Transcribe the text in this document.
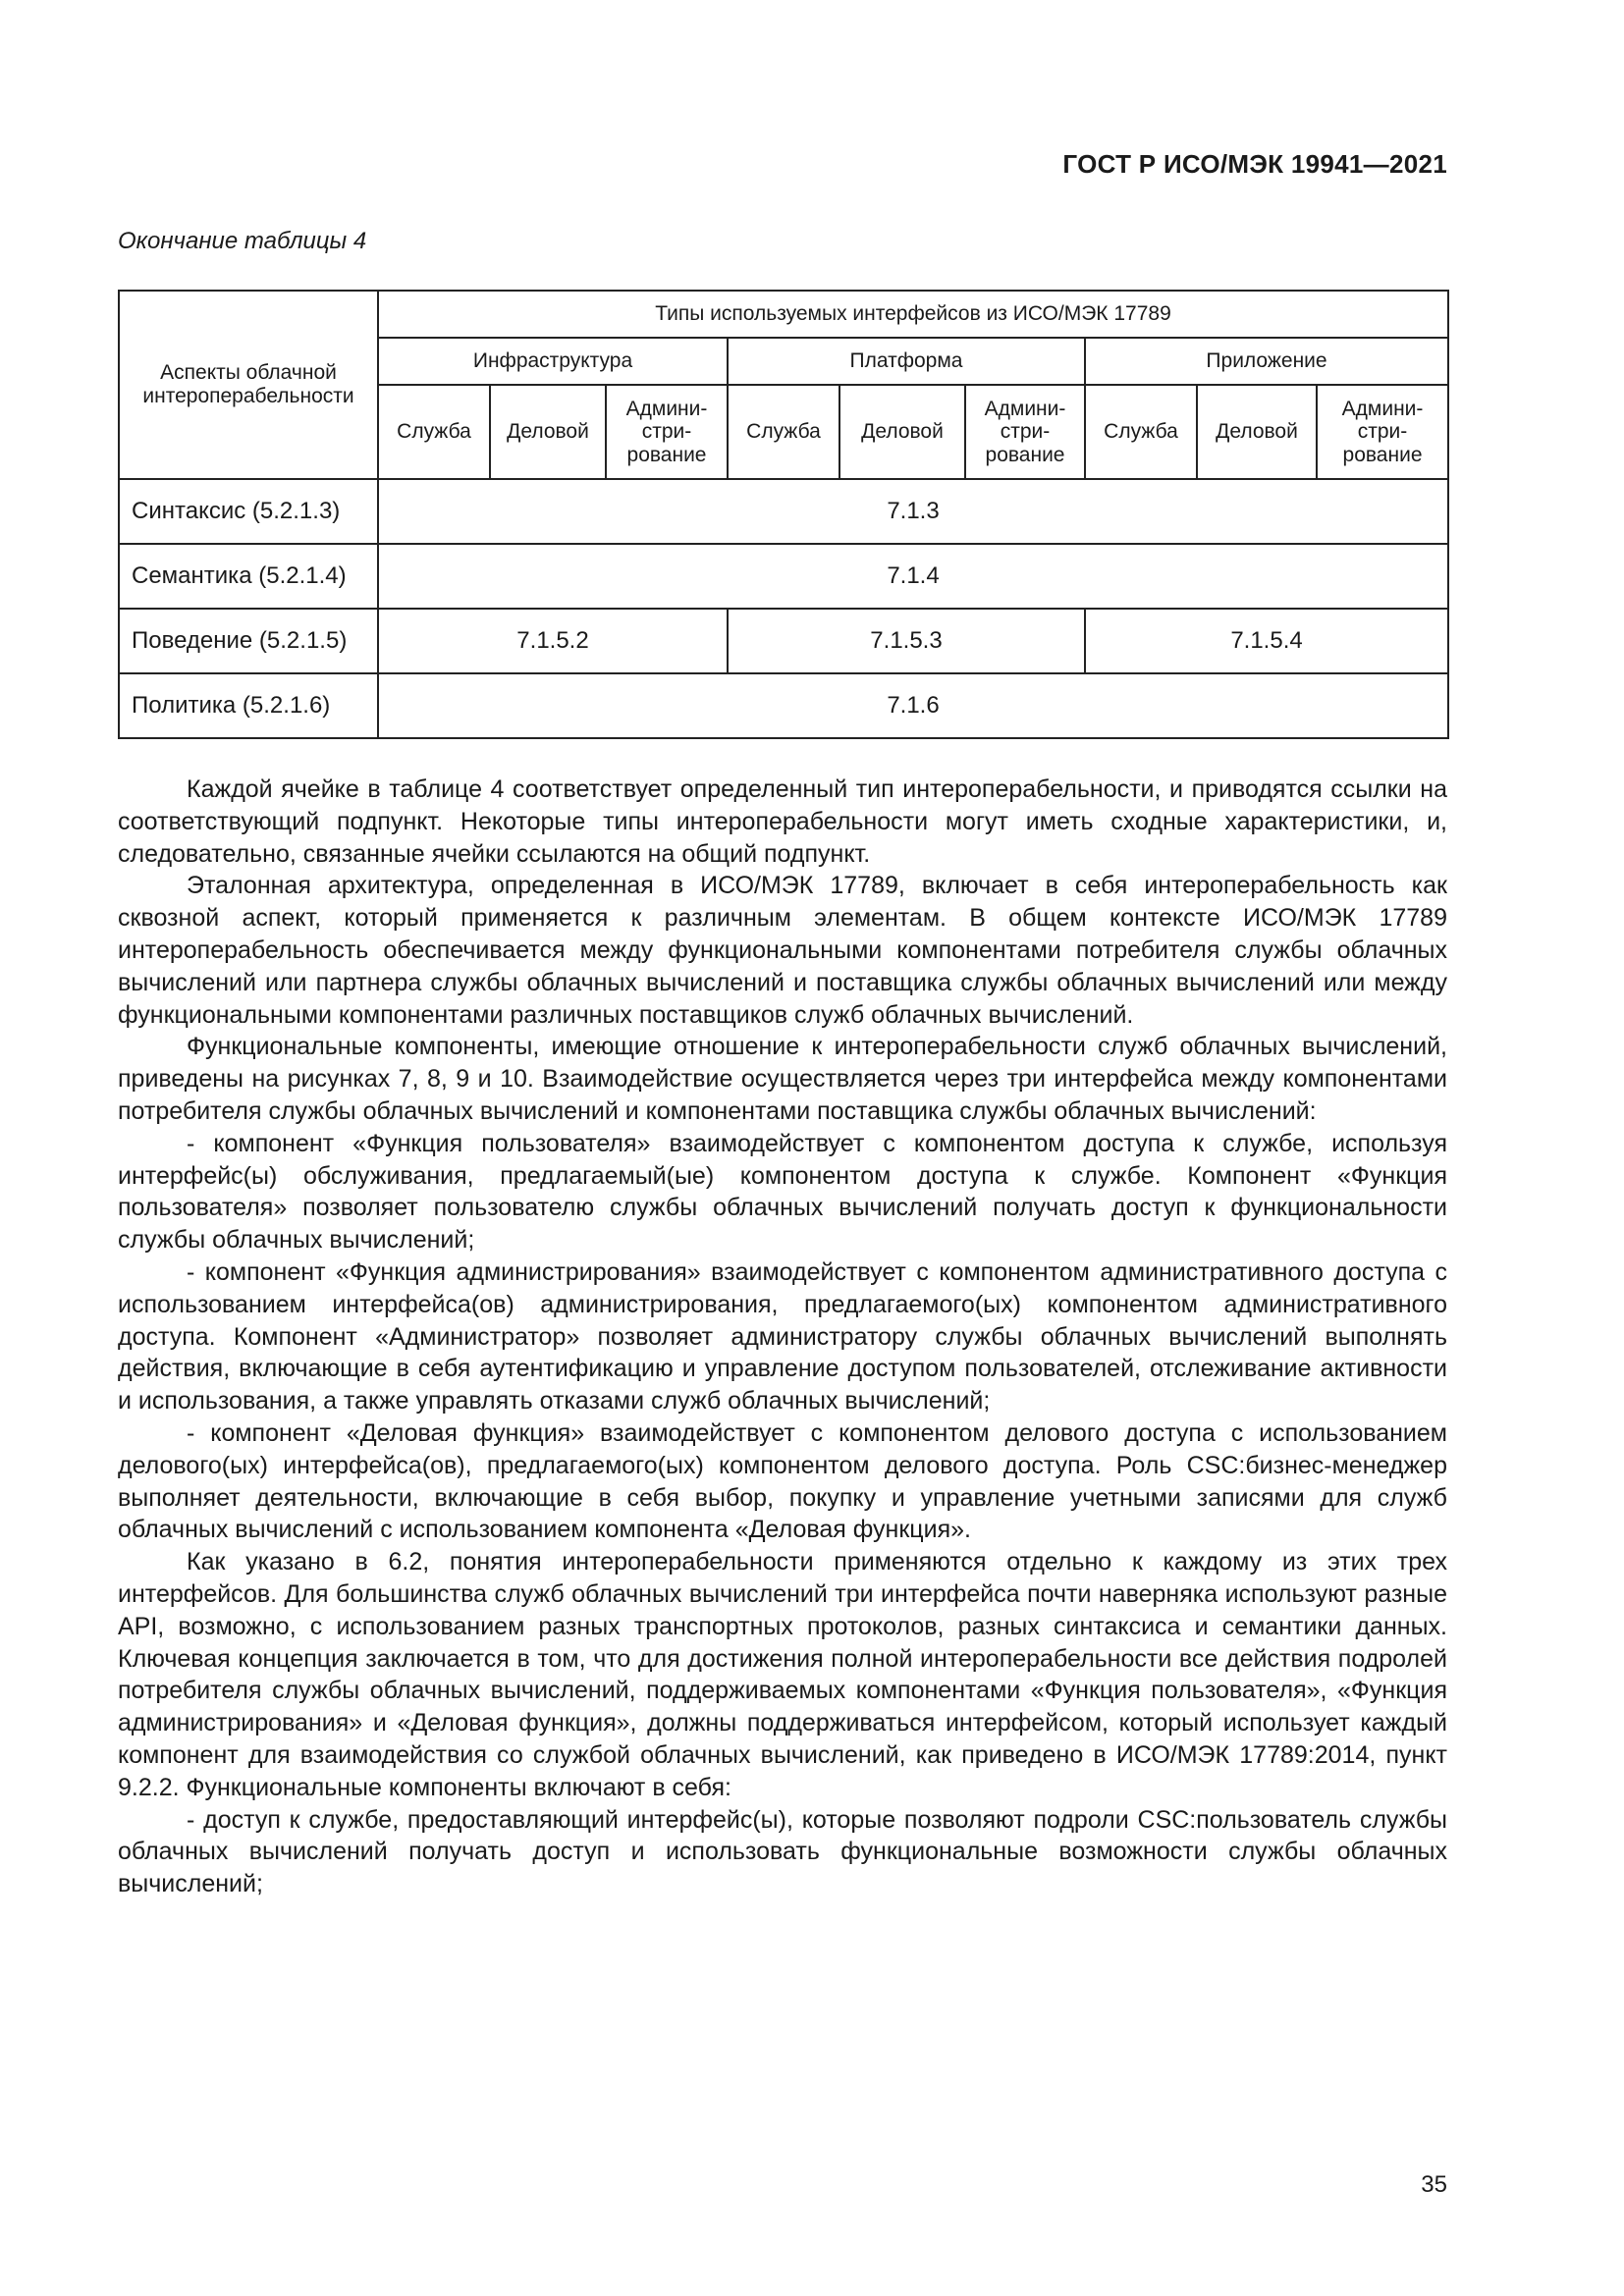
ГОСТ Р ИСО/МЭК 19941—2021
Окончание таблицы 4
Аспекты облачной интероперабельности	Типы используемых интерфейсов из ИСО/МЭК 17789								
	Инфраструктура			Платформа			Приложение		
	Служба	Деловой	Админи-
стри-
рование	Служба	Деловой	Админи-
стри-
рование	Служба	Деловой	Админи-
стри-
рование
Синтаксис (5.2.1.3)	7.1.3								
Семантика (5.2.1.4)	7.1.4								
Поведение (5.2.1.5)	7.1.5.2			7.1.5.3			7.1.5.4		
Политика (5.2.1.6)	7.1.6								

Каждой ячейке в таблице 4 соответствует определенный тип интероперабельности, и приводятся ссылки на соответствующий подпункт. Некоторые типы интероперабельности могут иметь сходные характеристики, и, следовательно, связанные ячейки ссылаются на общий подпункт.

Эталонная архитектура, определенная в ИСО/МЭК 17789, включает в себя интероперабельность как сквозной аспект, который применяется к различным элементам. В общем контексте ИСО/МЭК 17789 интероперабельность обеспечивается между функциональными компонентами потребителя службы облачных вычислений или партнера службы облачных вычислений и поставщика службы облачных вычислений или между функциональными компонентами различных поставщиков служб облачных вычислений.

Функциональные компоненты, имеющие отношение к интероперабельности служб облачных вычислений, приведены на рисунках 7, 8, 9 и 10. Взаимодействие осуществляется через три интерфейса между компонентами потребителя службы облачных вычислений и компонентами поставщика службы облачных вычислений:

- компонент «Функция пользователя» взаимодействует с компонентом доступа к службе, используя интерфейс(ы) обслуживания, предлагаемый(ые) компонентом доступа к службе. Компонент «Функция пользователя» позволяет пользователю службы облачных вычислений получать доступ к функциональности службы облачных вычислений;

- компонент «Функция администрирования» взаимодействует с компонентом административного доступа с использованием интерфейса(ов) администрирования, предлагаемого(ых) компонентом административного доступа. Компонент «Администратор» позволяет администратору службы облачных вычислений выполнять действия, включающие в себя аутентификацию и управление доступом пользователей, отслеживание активности и использования, а также управлять отказами служб облачных вычислений;

- компонент «Деловая функция» взаимодействует с компонентом делового доступа с использованием делового(ых) интерфейса(ов), предлагаемого(ых) компонентом делового доступа. Роль CSC:бизнес-менеджер выполняет деятельности, включающие в себя выбор, покупку и управление учетными записями для служб облачных вычислений с использованием компонента «Деловая функция».

Как указано в 6.2, понятия интероперабельности применяются отдельно к каждому из этих трех интерфейсов. Для большинства служб облачных вычислений три интерфейса почти наверняка используют разные API, возможно, с использованием разных транспортных протоколов, разных синтаксиса и семантики данных. Ключевая концепция заключается в том, что для достижения полной интероперабельности все действия подролей потребителя службы облачных вычислений, поддерживаемых компонентами «Функция пользователя», «Функция администрирования» и «Деловая функция», должны поддерживаться интерфейсом, который использует каждый компонент для взаимодействия со службой облачных вычислений, как приведено в ИСО/МЭК 17789:2014, пункт 9.2.2. Функциональные компоненты включают в себя:

- доступ к службе, предоставляющий интерфейс(ы), которые позволяют подроли CSC:пользователь службы облачных вычислений получать доступ и использовать функциональные возможности службы облачных вычислений;

35
